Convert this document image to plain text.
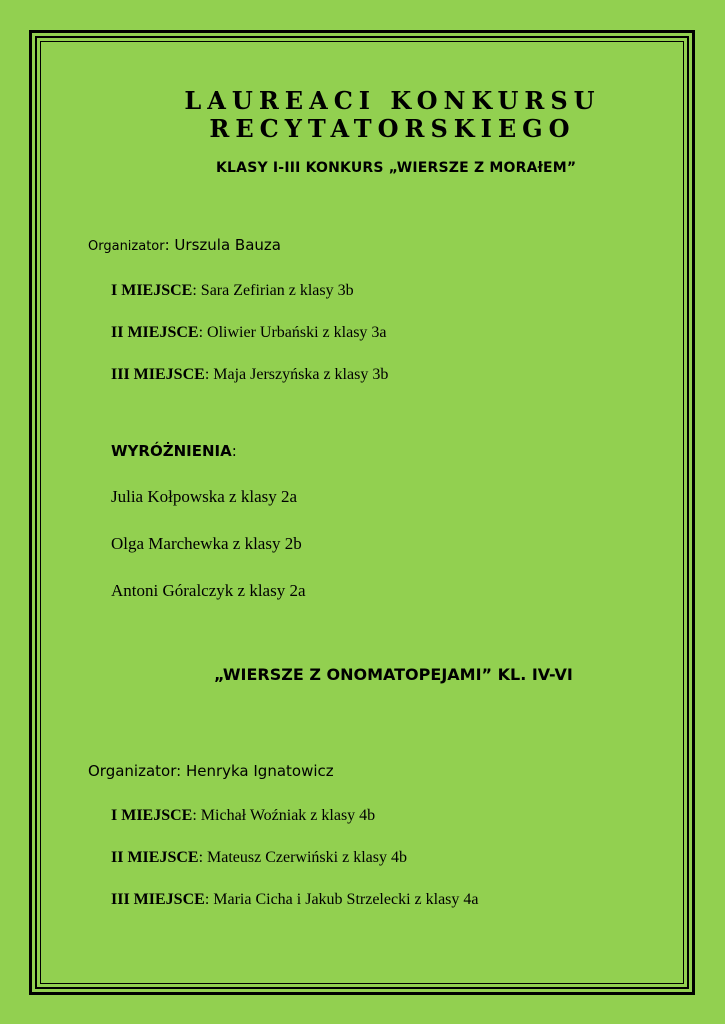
LAUREACI KONKURSU
RECYTATORSKIEGO
KLASY I-III KONKURS „WIERSZE Z MORAłEM”
Organizator: Urszula Bauza
I MIEJSCE: Sara Zefirian z klasy 3b
II MIEJSCE: Oliwier Urbański z klasy 3a
III MIEJSCE: Maja Jerszyńska z klasy 3b
WYRÓŻNIENIA:
Julia Kołpowska z klasy 2a
Olga Marchewka z klasy 2b
Antoni Góralczyk z klasy 2a
„WIERSZE Z ONOMATOPEJAMI” KL. IV-VI
Organizator: Henryka Ignatowicz
I MIEJSCE: Michał Woźniak z klasy 4b
II MIEJSCE: Mateusz Czerwiński z klasy 4b
III MIEJSCE: Maria Cicha i Jakub Strzelecki z klasy 4a
